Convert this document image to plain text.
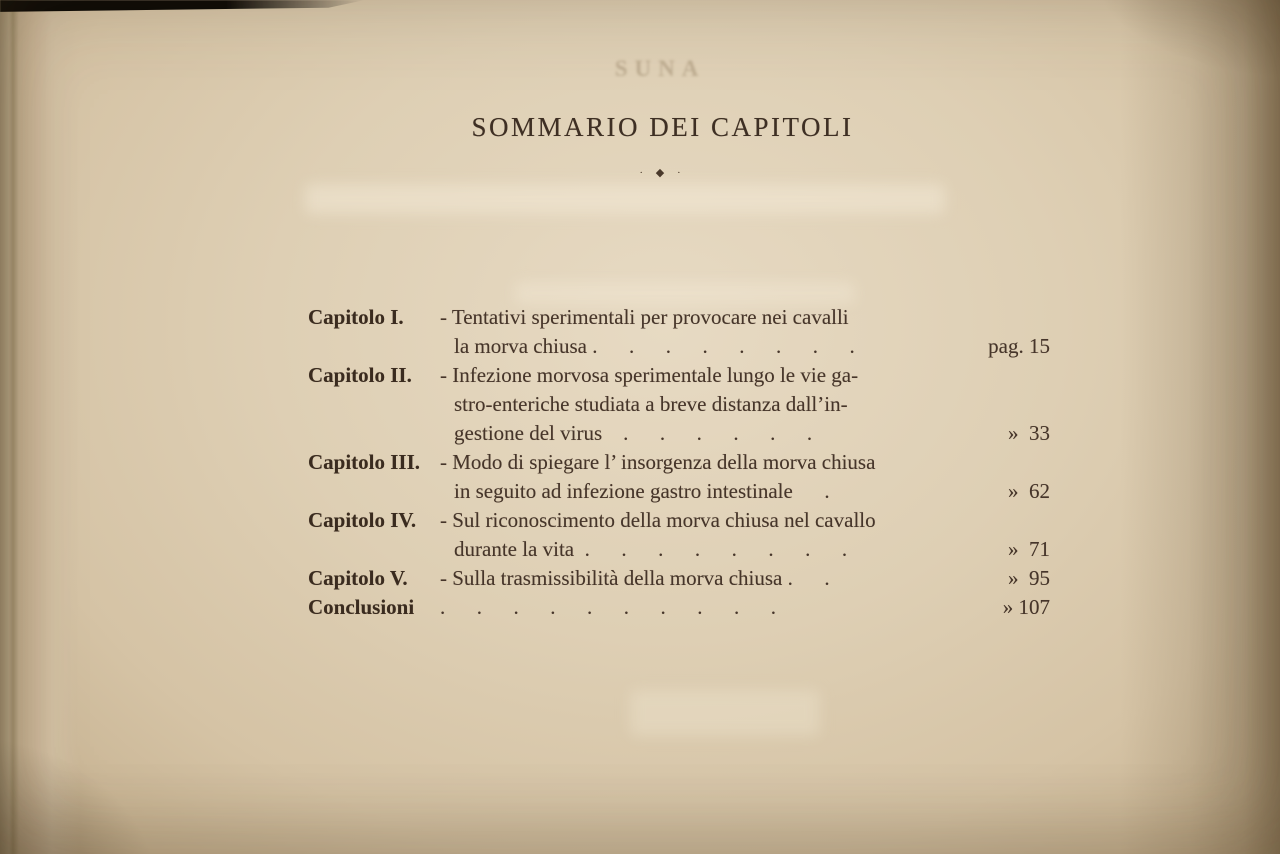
SUNA
SOMMARIO DEI CAPITOLI
· ◆ ·
Capitolo I.	- Tentativi sperimentali per provocare nei cavalli
la morva chiusa .      .      .      .      .      .      .      .	pag. 15
Capitolo II.	- Infezione morvosa sperimentale lungo le vie ga-
stro-enteriche studiata a breve distanza dall’in-
gestione del virus    .      .      .      .      .      .	»  33
Capitolo III. - Modo di spiegare l’ insorgenza della morva chiusa
in seguito ad infezione gastro intestinale      .	»  62
Capitolo IV.	- Sul riconoscimento della morva chiusa nel cavallo
durante la vita  .      .      .      .      .      .      .      .	»  71
Capitolo V.	- Sulla trasmissibilità della morva chiusa .      .	»  95
Conclusioni	.      .      .      .      .      .      .      .      .      .	» 107
